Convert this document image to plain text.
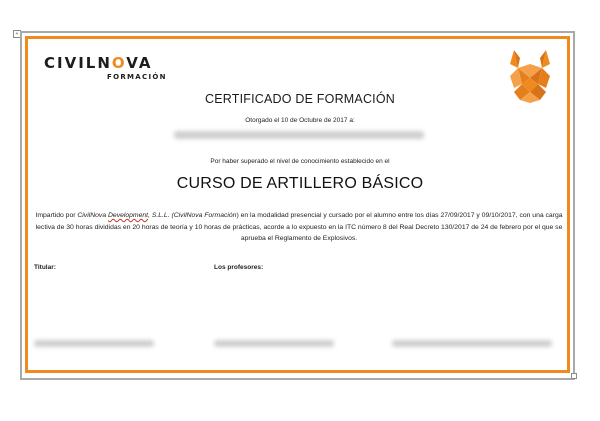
+
CIVILNOVA
FORMACIÓN
CERTIFICADO DE FORMACIÓN
Otorgado el 10 de Octubre de 2017 a:
Por haber superado el nivel de conocimiento establecido en el
CURSO DE ARTILLERO BÁSICO
Impartido por CivilNova Development, S.L.L. (CivilNova Formación) en la modalidad presencial y cursado por el alumno entre los días 27/09/2017 y 09/10/2017, con una carga lectiva de 30 horas divididas en 20 horas de teoría y 10 horas de prácticas, acorde a lo expuesto en la ITC número 8 del Real Decreto 130/2017 de 24 de febrero por el que se aprueba el Reglamento de Explosivos.
Titular:	Los profesores:
